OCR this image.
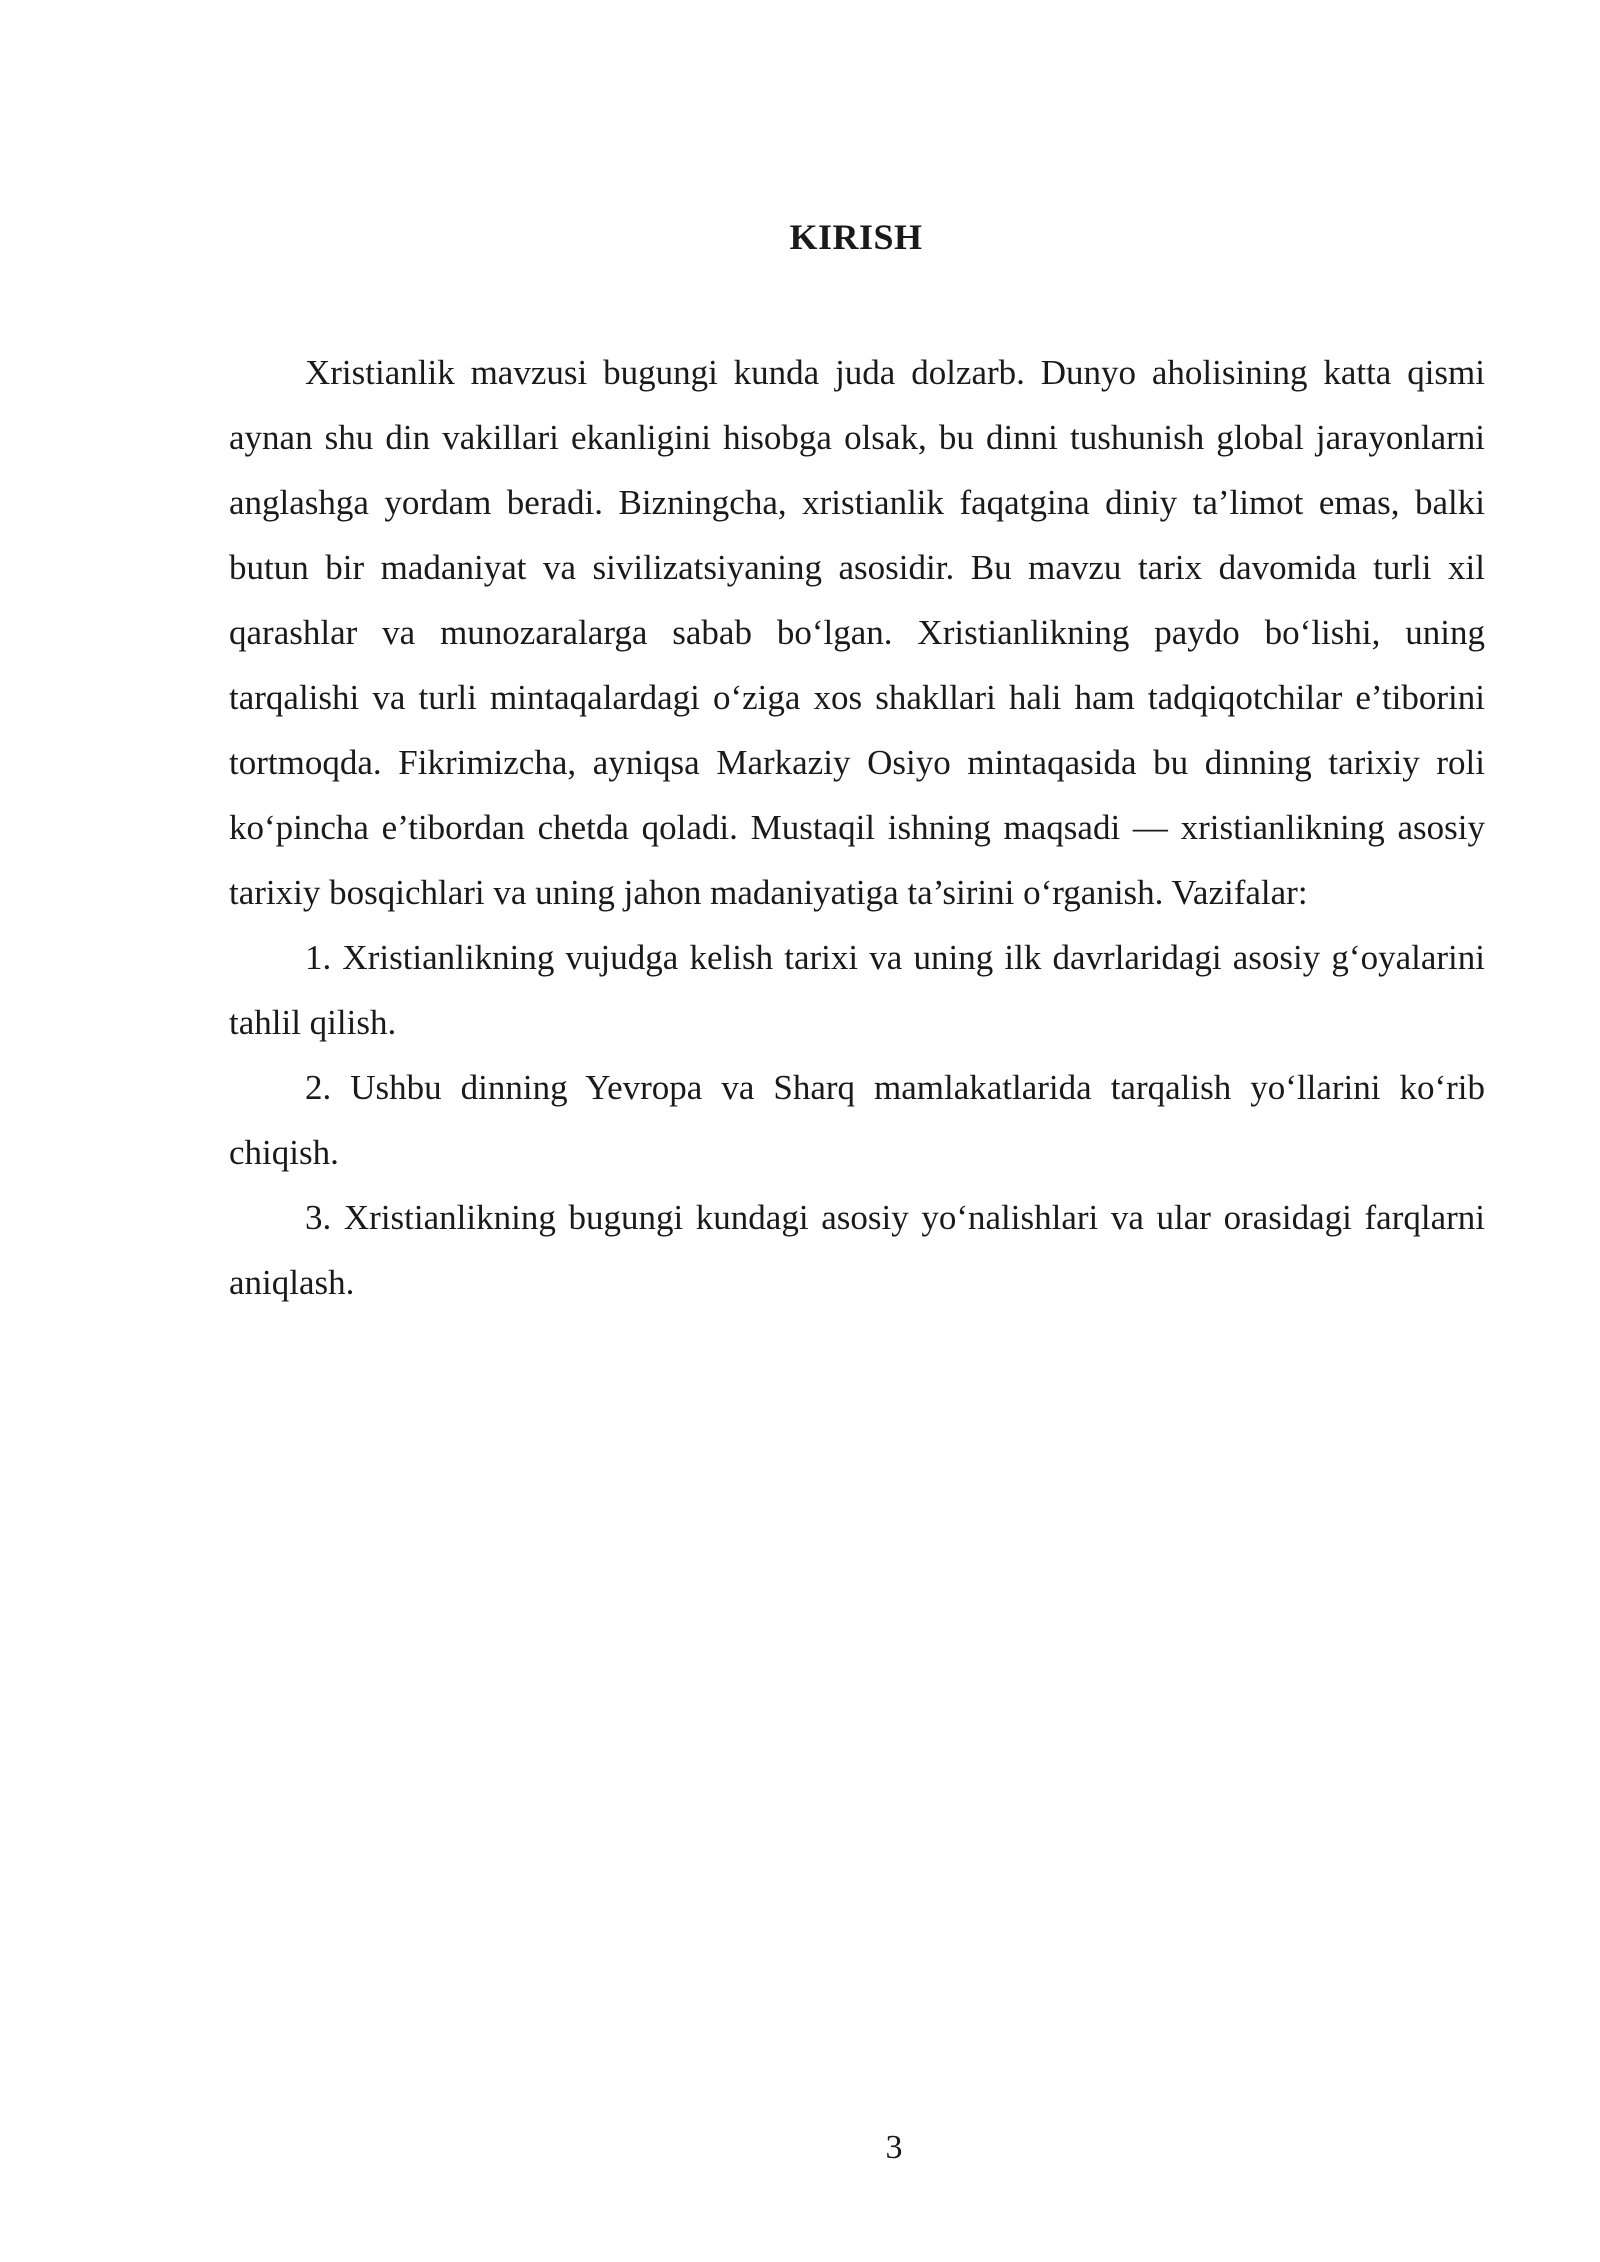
KIRISH

Xristianlik mavzusi bugungi kunda juda dolzarb. Dunyo aholisining katta qismi aynan shu din vakillari ekanligini hisobga olsak, bu dinni tushunish global jarayonlarni anglashga yordam beradi. Bizningcha, xristianlik faqatgina diniy ta’limot emas, balki butun bir madaniyat va sivilizatsiyaning asosidir. Bu mavzu tarix davomida turli xil qarashlar va munozaralarga sabab bo‘lgan. Xristianlikning paydo bo‘lishi, uning tarqalishi va turli mintaqalardagi o‘ziga xos shakllari hali ham tadqiqotchilar e’tiborini tortmoqda. Fikrimizcha, ayniqsa Markaziy Osiyo mintaqasida bu dinning tarixiy roli ko‘pincha e’tibordan chetda qoladi. Mustaqil ishning maqsadi — xristianlikning asosiy tarixiy bosqichlari va uning jahon madaniyatiga ta’sirini o‘rganish. Vazifalar:

1. Xristianlikning vujudga kelish tarixi va uning ilk davrlaridagi asosiy g‘oyalarini tahlil qilish.

2. Ushbu dinning Yevropa va Sharq mamlakatlarida tarqalish yo‘llarini ko‘rib chiqish.

3. Xristianlikning bugungi kundagi asosiy yo‘nalishlari va ular orasidagi farqlarni aniqlash.

3
